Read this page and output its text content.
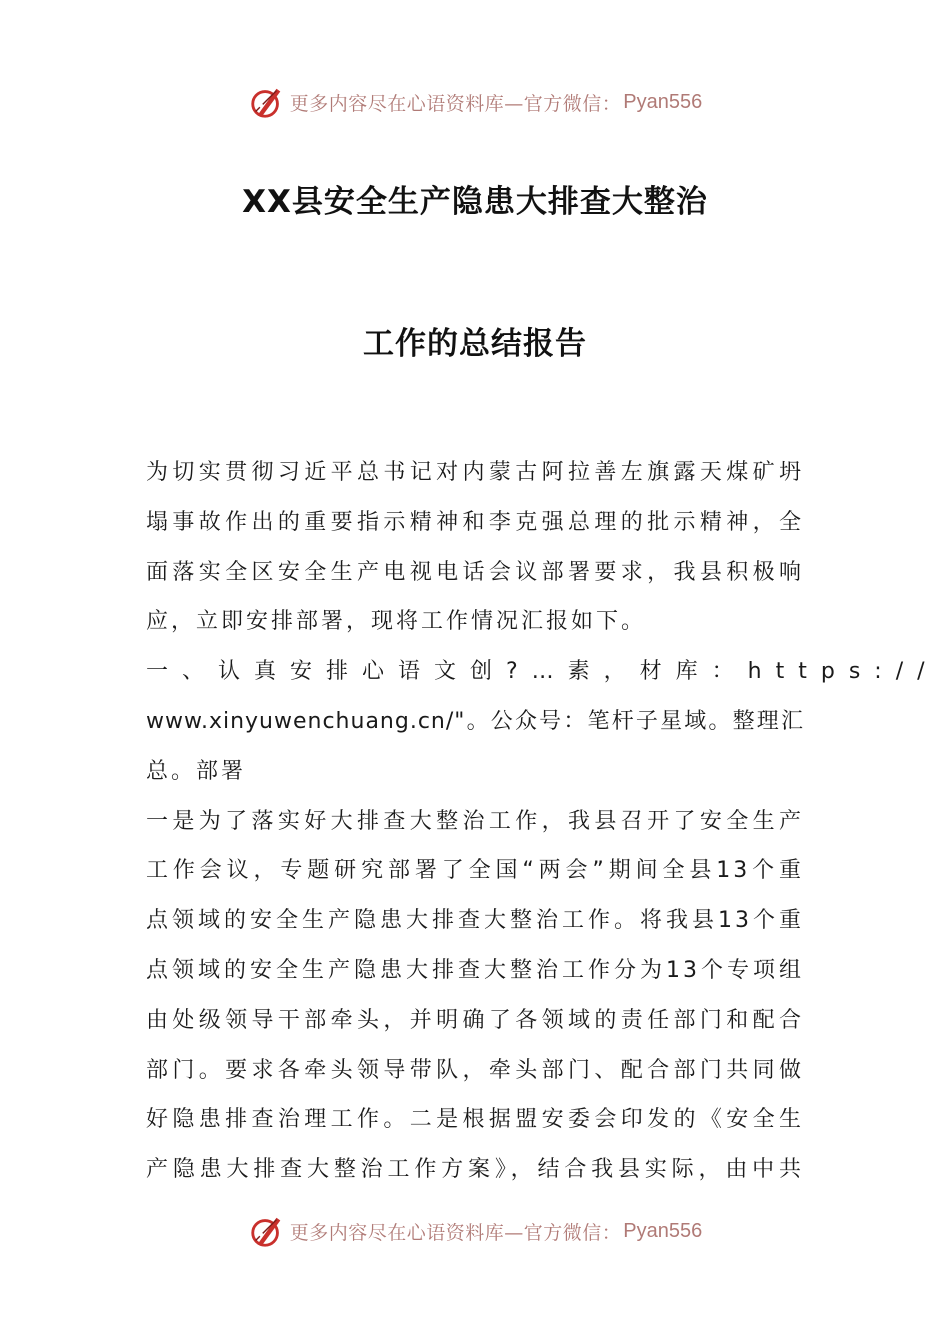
更多内容尽在心语资料库—官方微信： Pyan556
XX县安全生产隐患大排查大整治
工作的总结报告
为切实贯彻习近平总书记对内蒙古阿拉善左旗露天煤矿坍
塌事故作出的重要指示精神和李克强总理的批示精神，全
面落实全区安全生产电视电话会议部署要求，我县积极响
应，立即安排部署，现将工作情况汇报如下。
一、认真安排心语文创?…素，材库：https://
www.xinyuwenchuang.cn/"。公众号：笔杆子星域。整理汇
总。部署
一是为了落实好大排查大整治工作，我县召开了安全生产
工作会议，专题研究部署了全国“两会”期间全县13个重
点领域的安全生产隐患大排查大整治工作。将我县13个重
点领域的安全生产隐患大排查大整治工作分为13个专项组
由处级领导干部牵头，并明确了各领域的责任部门和配合
部门。要求各牵头领导带队，牵头部门、配合部门共同做
好隐患排查治理工作。二是根据盟安委会印发的《安全生
产隐患大排查大整治工作方案》，结合我县实际，由中共
更多内容尽在心语资料库—官方微信： Pyan556
